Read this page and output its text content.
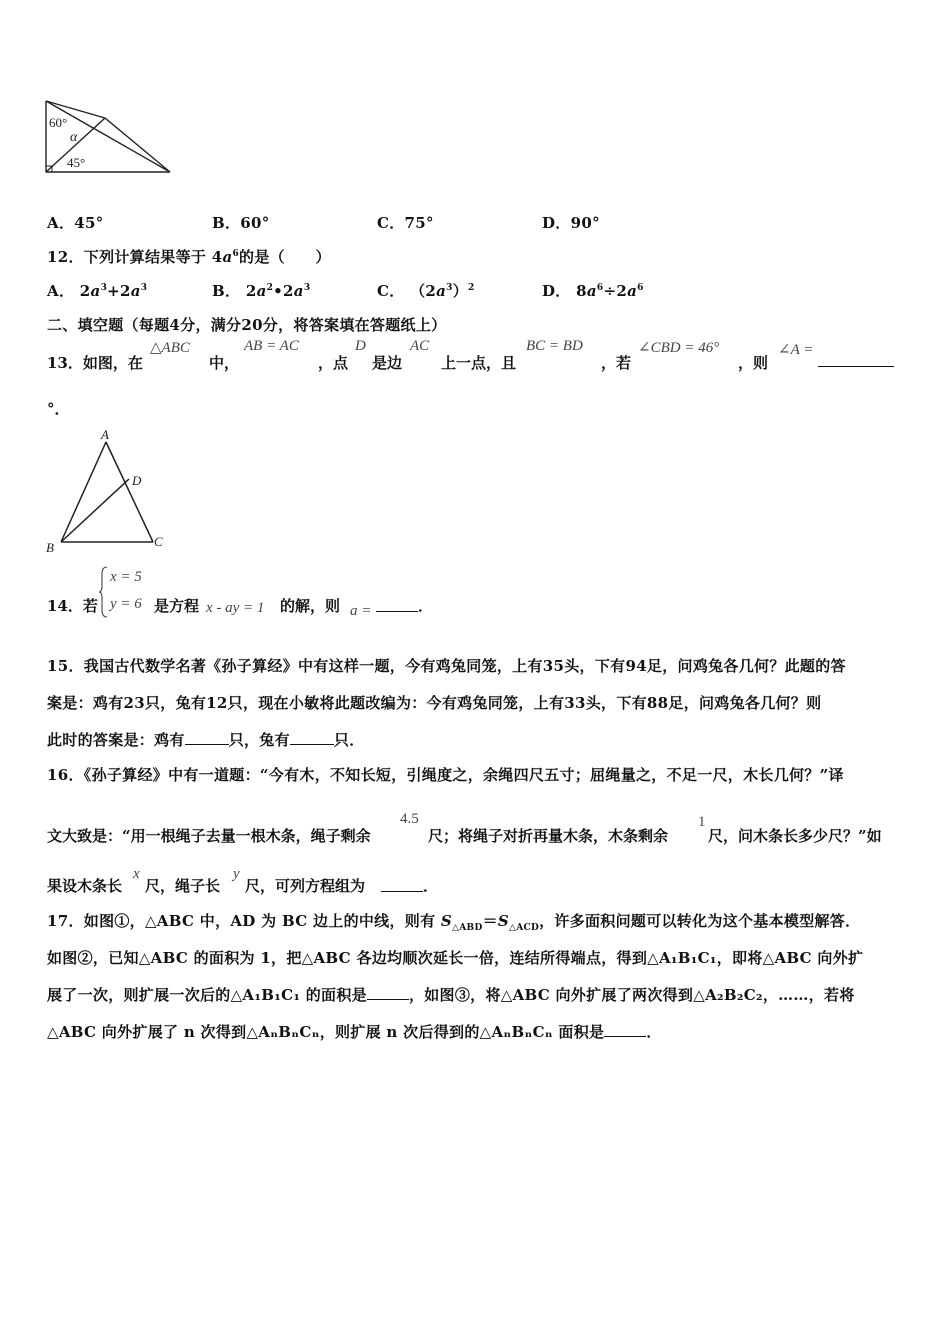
60°
α
45°
A．45°	B．60°	C．75°	D．90°
12．下列计算结果等于 $4a^6$的是（　　）
A． $2a^3+2a^3$	B． $2a^2•2a^3$	C． $(2a^3)^2$	D． $8a^6\div 2a^6$
二、填空题（每题4分，满分20分，将答案填在答题纸上）
13．如图，在
△ABC
中，
AB = AC
，点
D
是边
AC
上一点，且
BC = BD
，若
∠CBD = 46°
，则
∠A =
°．
A
D
B	C
14．若
x = 5
y = 6 是方程 x - ay = 1 的解，则 a =	．
15．我国古代数学名著《孙子算经》中有这样一题，今有鸡兔同笼，上有35头，下有94足，问鸡兔各几何？此题的答
案是：鸡有23只，兔有12只，现在小敏将此题改编为：今有鸡兔同笼，上有33头，下有88足，问鸡兔各几何？则
此时的答案是：鸡有	只，兔有	只．
16．《孙子算经》中有一道题：“今有木，不知长短，引绳度之，余绳四尺五寸；屈绳量之，不足一尺，木长几何？”译
文大致是：“用一根绳子去量一根木条，绳子剩余
4.5
尺；将绳子对折再量木条，木条剩余
1
尺，问木条长多少尺？”如
果设木条长
x
尺，绳子长
y
尺，可列方程组为	．
17．如图①，△ABC 中，AD 为 BC 边上的中线，则有 $S_{\triangle ABD}=S_{\triangle ACD}$，许多面积问题可以转化为这个基本模型解答．
如图②，已知△ABC 的面积为 1，把△ABC 各边均顺次延长一倍，连结所得端点，得到△A₁B₁C₁，即将△ABC 向外扩
展了一次，则扩展一次后的△A₁B₁C₁ 的面积是	，如图③，将△ABC 向外扩展了两次得到△A₂B₂C₂，……，若将
△ABC 向外扩展了 n 次得到△AₙBₙCₙ，则扩展 n 次后得到的△AₙBₙCₙ 面积是	．
